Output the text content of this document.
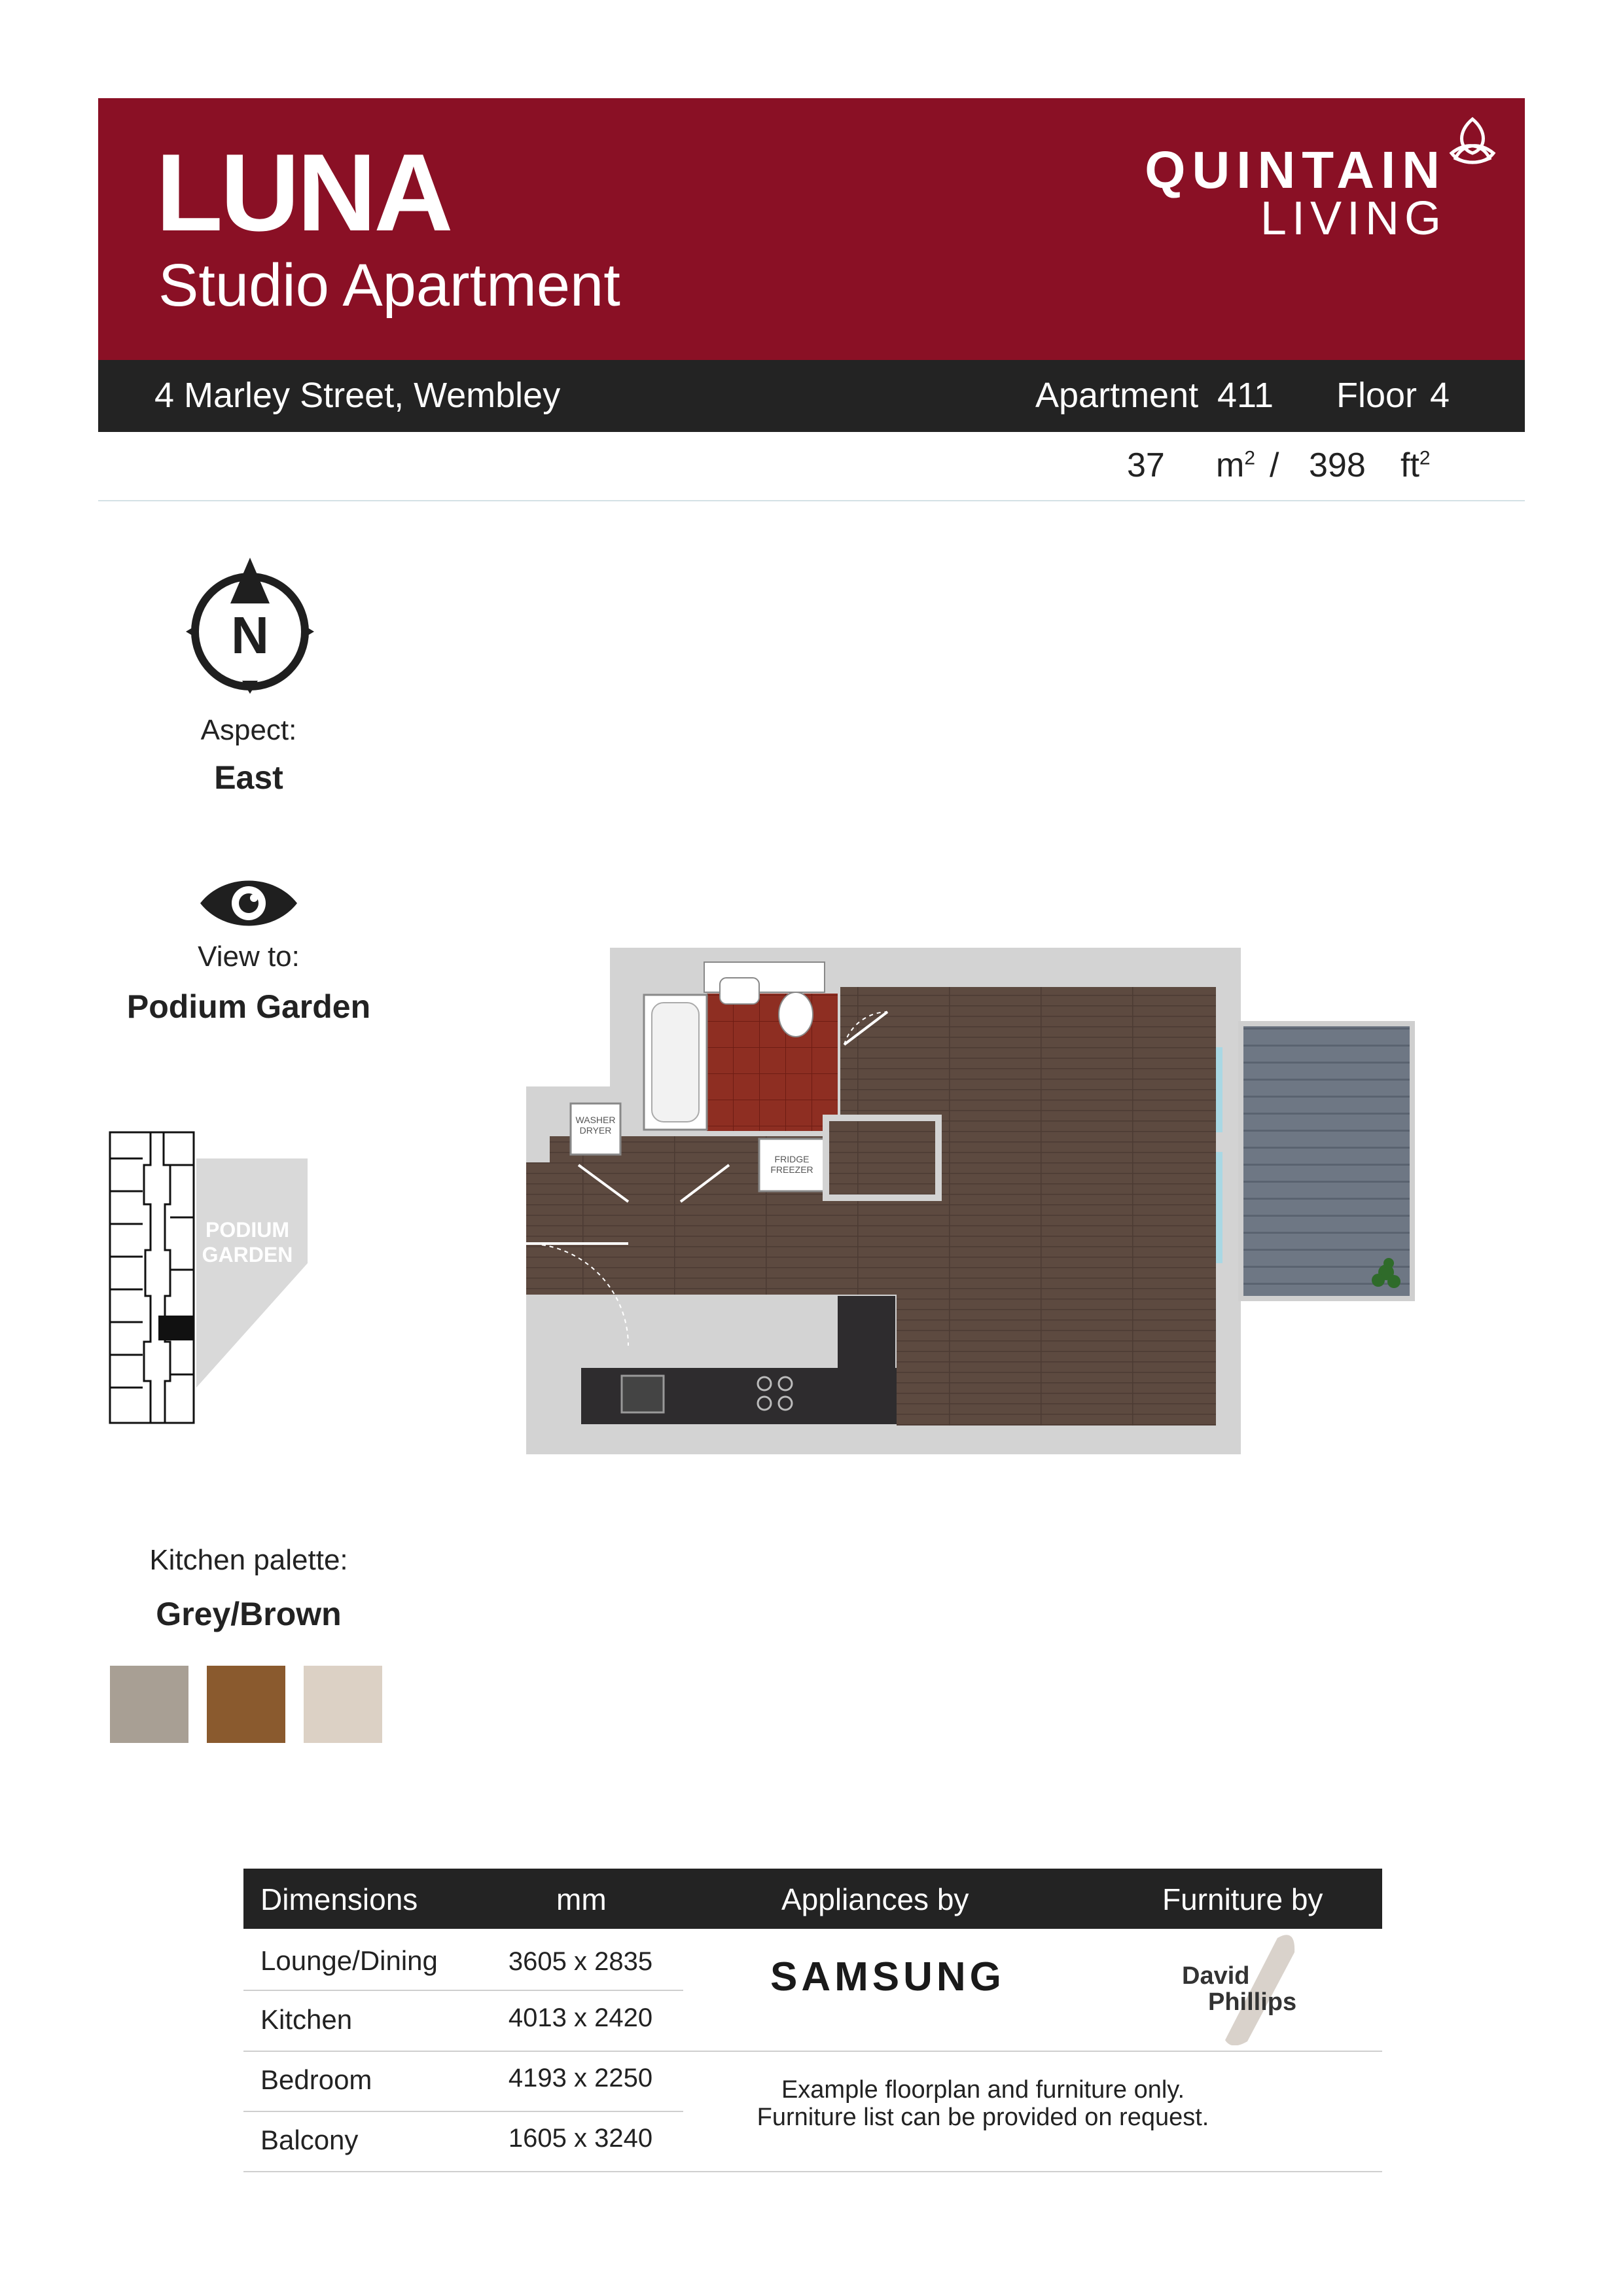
LUNA
Studio Apartment
QUINTAIN
LIVING
4 Marley Street, Wembley	Apartment 411 Floor 4
37 $m^2 / 398$ $ft^2$
N
Aspect:
East
View to:
Podium Garden
PODIUM
GARDEN
WASHER
DRYER
FRIDGE
FREEZER
Kitchen palette:
Grey/Brown
Dimensions	mm	Appliances by	Furniture by
Lounge/Dining	3605 x 2835
Kitchen	4013 x 2420
Bedroom	4193 x 2250
Balcony	1605 x 3240
SAMSUNG	David
Phillips
Example floorplan and furniture only.
Furniture list can be provided on request.
